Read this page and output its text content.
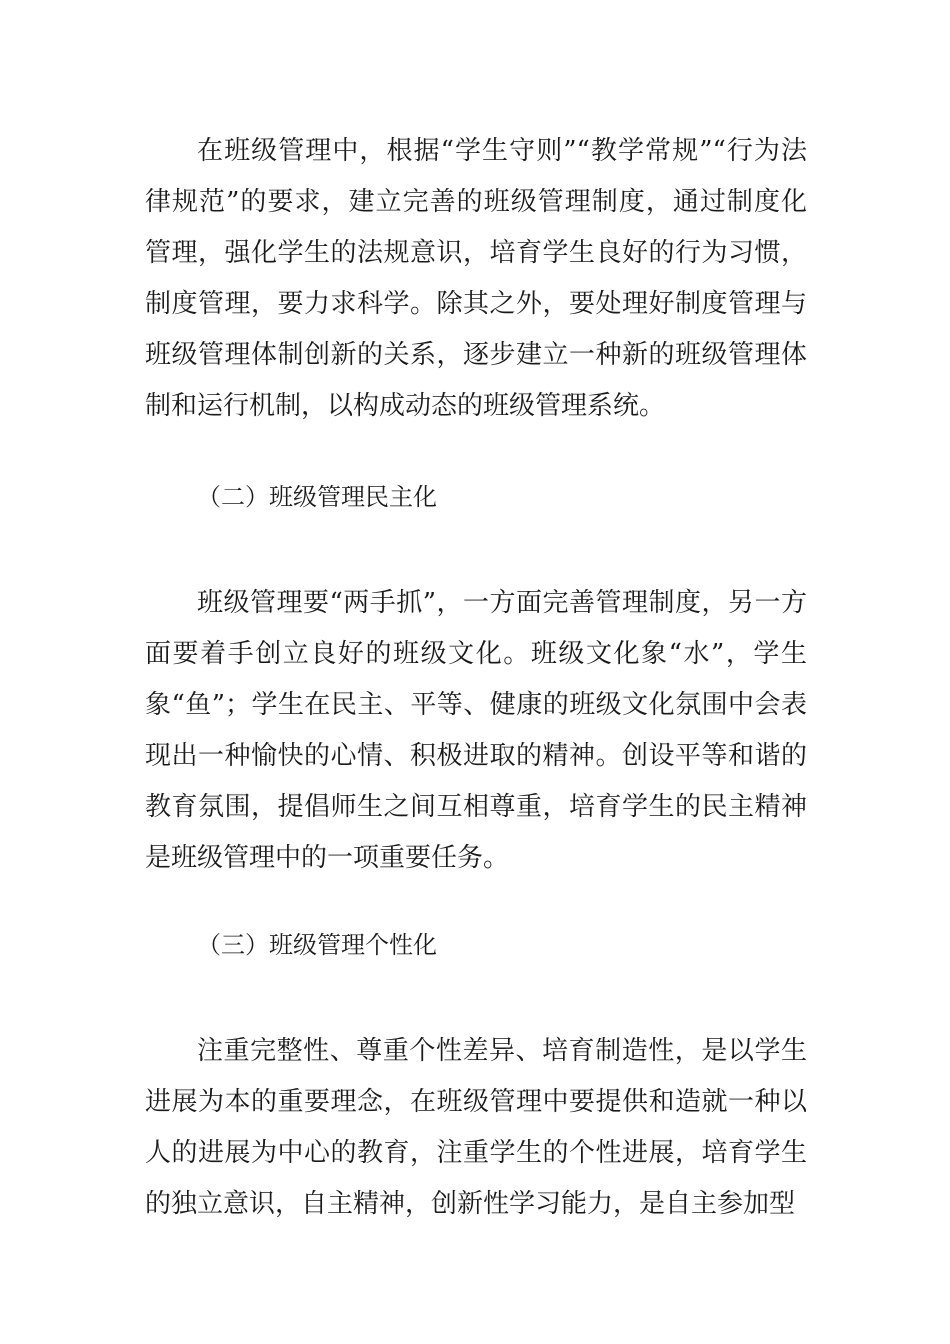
在班级管理中，根据“学生守则”“教学常规”“行为法律规范”的要求，建立完善的班级管理制度，通过制度化管理，强化学生的法规意识，培育学生良好的行为习惯，制度管理，要力求科学。除其之外，要处理好制度管理与班级管理体制创新的关系，逐步建立一种新的班级管理体制和运行机制，以构成动态的班级管理系统。

（二）班级管理民主化

班级管理要“两手抓”，一方面完善管理制度，另一方面要着手创立良好的班级文化。班级文化象“水”，学生象“鱼”；学生在民主、平等、健康的班级文化氛围中会表现出一种愉快的心情、积极进取的精神。创设平等和谐的教育氛围，提倡师生之间互相尊重，培育学生的民主精神是班级管理中的一项重要任务。

（三）班级管理个性化

注重完整性、尊重个性差异、培育制造性，是以学生进展为本的重要理念，在班级管理中要提供和造就一种以人的进展为中心的教育，注重学生的个性进展，培育学生的独立意识，自主精神，创新性学习能力，是自主参加型
